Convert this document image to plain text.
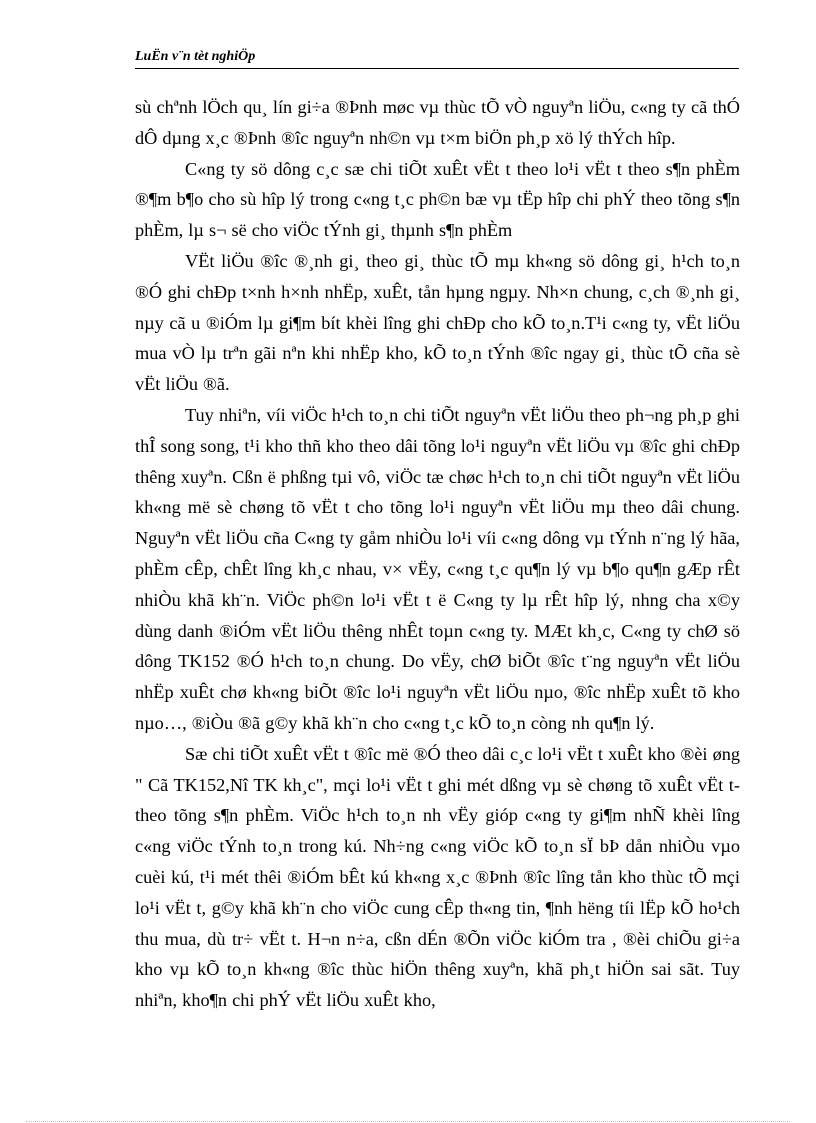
LuËn v¨n tèt nghiÖp

sù chªnh lÖch qu¸ lín gi÷a ®Þnh møc vµ thùc tÕ vÒ nguyªn liÖu, c«ng ty cã thÓ dÔ dµng x¸c ®Þnh ®îc nguyªn nh©n vµ t×m biÖn ph¸p xö lý thÝch hîp.

C«ng ty sö dông c¸c sæ chi tiÕt xuÊt vËt t theo lo¹i vËt t theo s¶n phÈm ®¶m b¶o cho sù hîp lý trong c«ng t¸c ph©n bæ vµ tËp hîp chi phÝ theo tõng s¶n phÈm, lµ s¬ së cho viÖc tÝnh gi¸ thµnh s¶n phÈm

VËt liÖu ®îc ®¸nh gi¸ theo gi¸ thùc tÕ mµ kh«ng sö dông gi¸ h¹ch to¸n ®Ó ghi chÐp t×nh h×nh nhËp, xuÊt, tån hµng ngµy. Nh×n chung, c¸ch ®¸nh gi¸ nµy cã u ®iÓm lµ gi¶m bít khèi lîng ghi chÐp cho kÕ to¸n.T¹i c«ng ty, vËt liÖu mua vÒ lµ trªn gãi nªn khi nhËp kho, kÕ to¸n tÝnh ®îc ngay gi¸ thùc tÕ cña sè vËt liÖu ®ã.

Tuy nhiªn, víi viÖc h¹ch to¸n chi tiÕt nguyªn vËt liÖu theo ph¬ng ph¸p ghi thÎ song song, t¹i kho thñ kho theo dâi tõng lo¹i nguyªn vËt liÖu vµ ®îc ghi chÐp thêng xuyªn. Cßn ë phßng tµi vô, viÖc tæ chøc h¹ch to¸n chi tiÕt nguyªn vËt liÖu kh«ng më sè chøng tõ vËt t cho tõng lo¹i nguyªn vËt liÖu mµ theo dâi chung. Nguyªn vËt liÖu cña C«ng ty gåm nhiÒu lo¹i víi c«ng dông vµ tÝnh n¨ng lý hãa, phÈm cÊp, chÊt lîng kh¸c nhau, v× vËy, c«ng t¸c qu¶n lý vµ b¶o qu¶n gÆp rÊt nhiÒu khã kh¨n. ViÖc ph©n lo¹i vËt t ë C«ng ty lµ rÊt hîp lý, nhng cha x©y dùng danh ®iÓm vËt liÖu thêng nhÊt toµn c«ng ty. MÆt kh¸c, C«ng ty chØ sö dông TK152 ®Ó h¹ch to¸n chung. Do vËy, chØ biÕt ®îc t¨ng nguyªn vËt liÖu nhËp xuÊt chø kh«ng biÕt ®îc lo¹i nguyªn vËt liÖu nµo, ®îc nhËp xuÊt tõ kho nµo…, ®iÒu ®ã g©y khã kh¨n cho c«ng t¸c kÕ to¸n còng nh qu¶n lý.

Sæ chi tiÕt xuÊt vËt t ®îc më ®Ó theo dâi c¸c lo¹i vËt t xuÊt kho ®èi øng " Cã TK152,Nî TK kh¸c", mçi lo¹i vËt t ghi mét dßng vµ sè chøng tõ xuÊt vËt t theo tõng s¶n phÈm. ViÖc h¹ch to¸n nh vËy gióp c«ng ty gi¶m nhÑ khèi lîng c«ng viÖc tÝnh to¸n trong kú. Nh÷ng c«ng viÖc kÕ to¸n sÏ bÞ dån nhiÒu vµo cuèi kú, t¹i mét thêi ®iÓm bÊt kú kh«ng x¸c ®Þnh ®îc lîng tån kho thùc tÕ mçi lo¹i vËt t, g©y khã kh¨n cho viÖc cung cÊp th«ng tin, ¶nh hëng tíi lËp kÕ ho¹ch thu mua, dù tr÷ vËt t. H¬n n÷a, cßn dÉn ®Õn viÖc kiÓm tra , ®èi chiÕu gi÷a kho vµ kÕ to¸n kh«ng ®îc thùc hiÖn thêng xuyªn, khã ph¸t hiÖn sai sãt. Tuy nhiªn, kho¶n chi phÝ vËt liÖu xuÊt kho,
